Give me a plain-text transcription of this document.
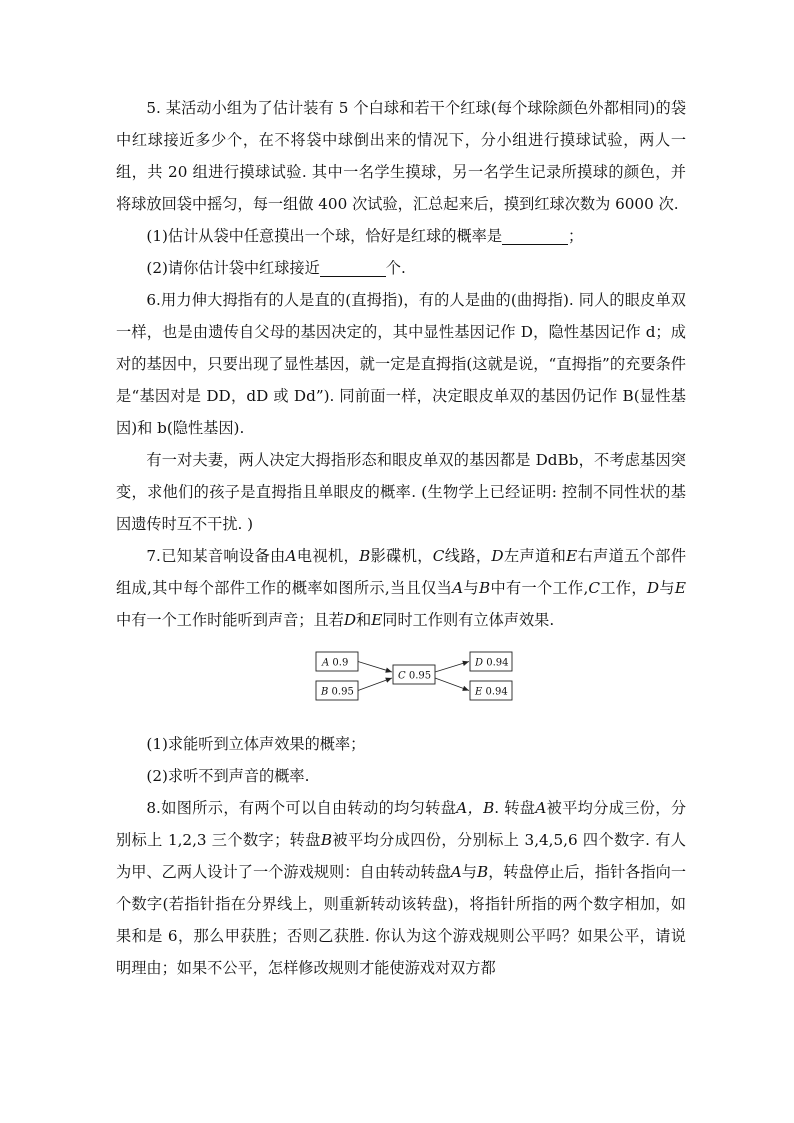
5. 某活动小组为了估计装有 5 个白球和若干个红球(每个球除颜色外都相同)的袋中红球接近多少个，在不将袋中球倒出来的情况下，分小组进行摸球试验，两人一组，共 20 组进行摸球试验. 其中一名学生摸球，另一名学生记录所摸球的颜色，并将球放回袋中摇匀，每一组做 400 次试验，汇总起来后，摸到红球次数为 6000 次.

(1)估计从袋中任意摸出一个球，恰好是红球的概率是	；

(2)请你估计袋中红球接近	个.

6.用力伸大拇指有的人是直的(直拇指)，有的人是曲的(曲拇指). 同人的眼皮单双一样，也是由遗传自父母的基因决定的，其中显性基因记作 D，隐性基因记作 d；成对的基因中，只要出现了显性基因，就一定是直拇指(这就是说，“直拇指”的充要条件是“基因对是 DD，dD 或 Dd”). 同前面一样，决定眼皮单双的基因仍记作 B(显性基因)和 b(隐性基因).

有一对夫妻，两人决定大拇指形态和眼皮单双的基因都是 DdBb，不考虑基因突变，求他们的孩子是直拇指且单眼皮的概率. (生物学上已经证明: 控制不同性状的基因遗传时互不干扰. )

7.已知某音响设备由A电视机，B影碟机，C线路，D左声道和E右声道五个部件组成,其中每个部件工作的概率如图所示,当且仅当A与B中有一个工作,C工作，D与E中有一个工作时能听到声音；且若D和E同时工作则有立体声效果.

A 0.9
B 0.95
C 0.95
D 0.94
E 0.94

(1)求能听到立体声效果的概率；

(2)求听不到声音的概率.

8.如图所示，有两个可以自由转动的均匀转盘A，B. 转盘A被平均分成三份，分别标上 1,2,3 三个数字；转盘B被平均分成四份，分别标上 3,4,5,6 四个数字. 有人为甲、乙两人设计了一个游戏规则：自由转动转盘A与B，转盘停止后，指针各指向一个数字(若指针指在分界线上，则重新转动该转盘)，将指针所指的两个数字相加，如果和是 6，那么甲获胜；否则乙获胜. 你认为这个游戏规则公平吗？如果公平，请说明理由；如果不公平，怎样修改规则才能使游戏对双方都
